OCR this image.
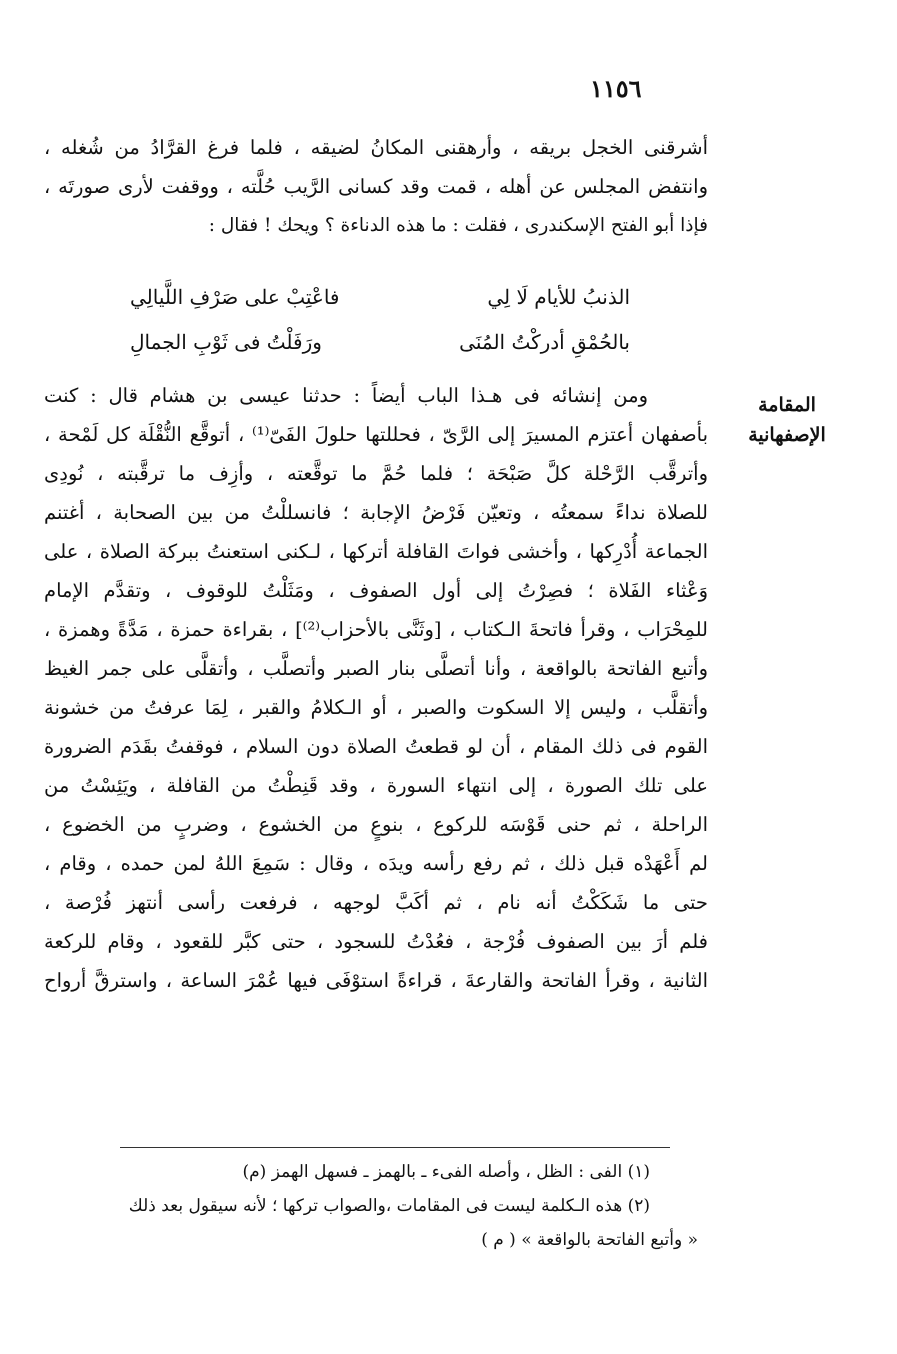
١١٥٦
أشرقنى الخجل بريقه ، وأرهقنى المكانُ لضيقه ، فلما فرغ القرَّادُ من شُغله ،
وانتفض المجلس عن أهله ، قمت وقد كسانى الرَّيب حُلَّته ، ووقفت لأرى صورتَه ،
فإذا أبو الفتح الإسكندرى ، فقلت : ما هذه الدناءة ؟ ويحك ! فقال :
الذنبُ للأيام لَا لِي
فاعْتِبْ على صَرْفِ اللَّيالِي
بالحُمْقِ أدركْتُ المُنَى
ورَفَلْتُ فى ثَوْبِ الجمالِ
المقامة
الإصفهانية
ومن إنشائه فى هـذا الباب أيضاً : حدثنا عيسى بن هشام قال : كنت
بأصفهان أعتزم المسيرَ إلى الرَّىّ ، فحللتها حلولَ الفَىّ⁽¹⁾ ، أتوقَّع النُّقْلَة كل لَمْحة ،
وأترقَّب الرَّحْلة كلَّ صَبْحَة ؛ فلما حُمَّ ما توقَّعته ، وأزِف ما ترقَّبته ، نُودِى
للصلاة نداءً سمعتُه ، وتعيّن فَرْضُ الإجابة ؛ فانسللْتُ من بين الصحابة ، أغتنم
الجماعة أُدْرِكها ، وأخشى فواتَ القافلة أتركها ، لـكنى استعنتُ ببركة الصلاة ، على
وَعْثاء الفَلاة ؛ فصِرْتُ إلى أول الصفوف ، ومَثَلْتُ للوقوف ، وتقدَّم الإمام
للمِحْرَاب ، وقرأ فاتحةَ الـكتاب ، [وثَنَّى بالأحزاب⁽²⁾] ، بقراءة حمزة ، مَدَّةً وهمزة ،
وأتبع الفاتحة بالواقعة ، وأنا أتصلَّى بنار الصبر وأتصلَّب ، وأتقلَّى على جمر الغيظ
وأتقلَّب ، وليس إلا السكوت والصبر ، أو الـكلامُ والقبر ، لِمَا عرفتُ من خشونة
القوم فى ذلك المقام ، أن لو قطعتُ الصلاة دون السلام ، فوقفتُ بقَدَم الضرورة
على تلك الصورة ، إلى انتهاء السورة ، وقد قَنِطْتُ من القافلة ، ويَئِسْتُ من
الراحلة ، ثم حنى قَوْسَه للركوع ، بنوعٍ من الخشوع ، وضربٍ من الخضوع ،
لم أَعْهَدْه قبل ذلك ، ثم رفع رأسه ويدَه ، وقال : سَمِعَ اللهُ لمن حمده ، وقام ،
حتى ما شَكَكْتُ أنه نام ، ثم أكَبَّ لوجهه ، فرفعت رأسى أنتهز فُرْصة ،
فلم أرَ بين الصفوف فُرْجة ، فعُدْتُ للسجود ، حتى كبَّر للقعود ، وقام للركعة
الثانية ، وقرأ الفاتحة والقارعةَ ، قراءةً استوْفَى فيها عُمْرَ الساعة ، واسترقَّ أرواح
(١) الفى : الظل ، وأصله الفىء ـ بالهمز ـ فسهل الهمز (م)
(٢) هذه الـكلمة ليست فى المقامات ،والصواب تركها ؛ لأنه سيقول بعد ذلك
« وأتبع الفاتحة بالواقعة » ( م )
